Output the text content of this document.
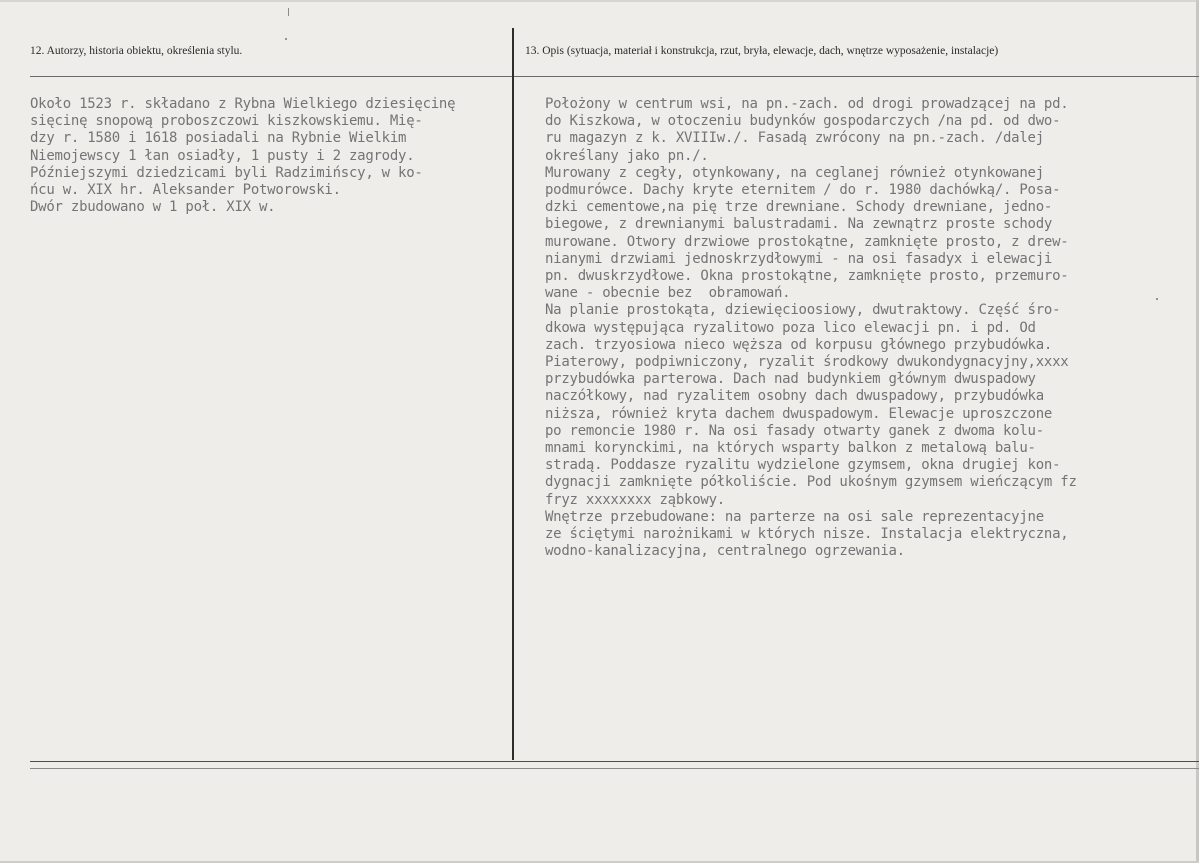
12. Autorzy, historia obiektu, określenia stylu.	13. Opis (sytuacja, materiał i konstrukcja, rzut, bryła, elewacje, dach, wnętrze wyposażenie, instalacje)
Około 1523 r. składano z Rybna Wielkiego dziesięcinę
sięcinę snopową proboszczowi kiszkowskiemu. Mię-
dzy r. 1580 i 1618 posiadali na Rybnie Wielkim
Niemojewscy 1 łan osiadły, 1 pusty i 2 zagrody.
Późniejszymi dziedzicami byli Radzimińscy, w ko-
ńcu w. XIX hr. Aleksander Potworowski.
Dwór zbudowano w 1 poł. XIX w.
Położony w centrum wsi, na pn.-zach. od drogi prowadzącej na pd.
do Kiszkowa, w otoczeniu budynków gospodarczych /na pd. od dwo-
ru magazyn z k. XVIIIw./. Fasadą zwrócony na pn.-zach. /dalej
określany jako pn./.
Murowany z cegły, otynkowany, na ceglanej również otynkowanej
podmurówce. Dachy kryte eternitem / do r. 1980 dachówką/. Posa-
dzki cementowe,na pię trze drewniane. Schody drewniane, jedno-
biegowe, z drewnianymi balustradami. Na zewnątrz proste schody
murowane. Otwory drzwiowe prostokątne, zamknięte prosto, z drew-
nianymi drzwiami jednoskrzydłowymi - na osi fasadyx i elewacji
pn. dwuskrzydłowe. Okna prostokątne, zamknięte prosto, przemuro-
wane - obecnie bez  obramowań.
Na planie prostokąta, dziewięcioosiowy, dwutraktowy. Część śro-
dkowa występująca ryzalitowo poza lico elewacji pn. i pd. Od
zach. trzyosiowa nieco węższa od korpusu głównego przybudówka.
Piaterowy, podpiwniczony, ryzalit środkowy dwukondygnacyjny,xxxx
przybudówka parterowa. Dach nad budynkiem głównym dwuspadowy
naczółkowy, nad ryzalitem osobny dach dwuspadowy, przybudówka
niższa, również kryta dachem dwuspadowym. Elewacje uproszczone
po remoncie 1980 r. Na osi fasady otwarty ganek z dwoma kolu-
mnami korynckimi, na których wsparty balkon z metalową balu-
stradą. Poddasze ryzalitu wydzielone gzymsem, okna drugiej kon-
dygnacji zamknięte półkoliście. Pod ukośnym gzymsem wieńczącym fz
fryz xxxxxxxx ząbkowy.
Wnętrze przebudowane: na parterze na osi sale reprezentacyjne
ze ściętymi narożnikami w których nisze. Instalacja elektryczna,
wodno-kanalizacyjna, centralnego ogrzewania.
